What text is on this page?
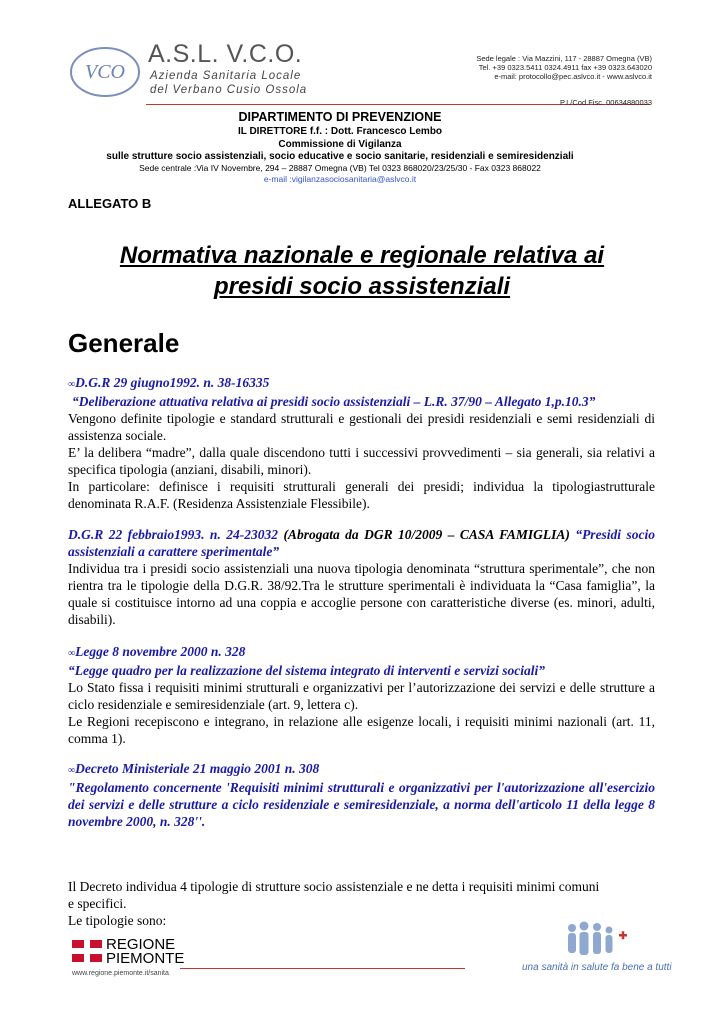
VCO
A.S.L. V.C.O.
Azienda Sanitaria Locale
del Verbano Cusio Ossola
Sede legale : Via Mazzini, 117 - 28887 Omegna (VB)
Tel. +39 0323.5411 0324.4911 fax +39 0323.643020
e-mail: protocollo@pec.aslvco.it - www.aslvco.it
P.I./Cod.Fisc. 00634880033
DIPARTIMENTO DI PREVENZIONE
IL DIRETTORE f.f. : Dott. Francesco Lembo
Commissione di Vigilanza
sulle strutture socio assistenziali, socio educative e socio sanitarie, residenziali e semiresidenziali
Sede centrale :Via IV Novembre, 294 – 28887 Omegna (VB) Tel 0323 868020/23/25/30 - Fax 0323 868022
e-mail :vigilanzasociosanitaria@aslvco.it
ALLEGATO B
Normativa nazionale e regionale relativa ai
presidi socio assistenziali
Generale

∞D.G.R 29 giugno1992. n. 38-16335

“Deliberazione attuativa relativa ai presidi socio assistenziali – L.R. 37/90 – Allegato 1,p.10.3”

Vengono definite tipologie e standard strutturali e gestionali dei presidi residenziali e semi residenziali di assistenza sociale.

E’ la delibera “madre”, dalla quale discendono tutti i successivi provvedimenti – sia generali, sia relativi a specifica tipologia (anziani, disabili, minori).

In particolare: definisce i requisiti strutturali generali dei presidi; individua la tipologiastrutturale denominata R.A.F. (Residenza Assistenziale Flessibile).

D.G.R 22 febbraio1993. n. 24-23032 (Abrogata da DGR 10/2009 – CASA FAMIGLIA) “Presidi socio assistenziali a carattere sperimentale”

Individua tra i presidi socio assistenziali una nuova tipologia denominata “struttura sperimentale”, che non rientra tra le tipologie della D.G.R. 38/92.Tra le strutture sperimentali è individuata la “Casa famiglia”, la quale si costituisce intorno ad una coppia e accoglie persone con caratteristiche diverse (es. minori, adulti, disabili).

∞Legge 8 novembre 2000 n. 328

“Legge quadro per la realizzazione del sistema integrato di interventi e servizi sociali”

Lo Stato fissa i requisiti minimi strutturali e organizzativi per l’autorizzazione dei servizi e delle strutture a ciclo residenziale e semiresidenziale (art. 9, lettera c).

Le Regioni recepiscono e integrano, in relazione alle esigenze locali, i requisiti minimi nazionali (art. 11, comma 1).

∞Decreto Ministeriale 21 maggio 2001 n. 308

"Regolamento concernente 'Requisiti minimi strutturali e organizzativi per l'autorizzazione all'esercizio dei servizi e delle strutture a ciclo residenziale e semiresidenziale, a norma dell'articolo 11 della legge 8 novembre 2000, n. 328''.

Il Decreto individua 4 tipologie di strutture socio assistenziale e ne detta i requisiti minimi comuni e specifici.

Le tipologie sono:

REGIONE
PIEMONTE
www.regione.piemonte.it/sanita
una sanità in salute fa bene a tutti
